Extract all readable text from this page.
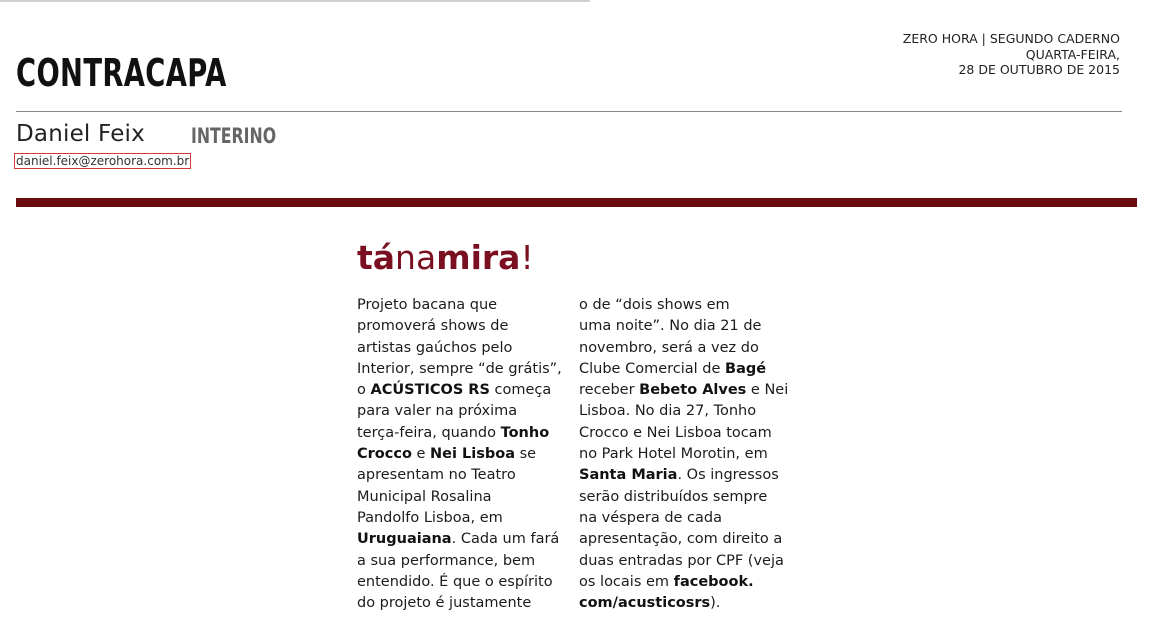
CONTRACAPA
ZERO HORA | SEGUNDO CADERNO
QUARTA-FEIRA,
28 DE OUTUBRO DE 2015
Daniel Feix INTERINO
daniel.feix@zerohora.com.br
tánamira!
Projeto bacana que
promoverá shows de
artistas gaúchos pelo
Interior, sempre “de grátis”,
o ACÚSTICOS RS começa
para valer na próxima
terça-feira, quando Tonho
Crocco e Nei Lisboa se
apresentam no Teatro
Municipal Rosalina
Pandolfo Lisboa, em
Uruguaiana. Cada um fará
a sua performance, bem
entendido. É que o espírito
do projeto é justamente
o de “dois shows em
uma noite”. No dia 21 de
novembro, será a vez do
Clube Comercial de Bagé
receber Bebeto Alves e Nei
Lisboa. No dia 27, Tonho
Crocco e Nei Lisboa tocam
no Park Hotel Morotin, em
Santa Maria. Os ingressos
serão distribuídos sempre
na véspera de cada
apresentação, com direito a
duas entradas por CPF (veja
os locais em facebook.
com/acusticosrs).
